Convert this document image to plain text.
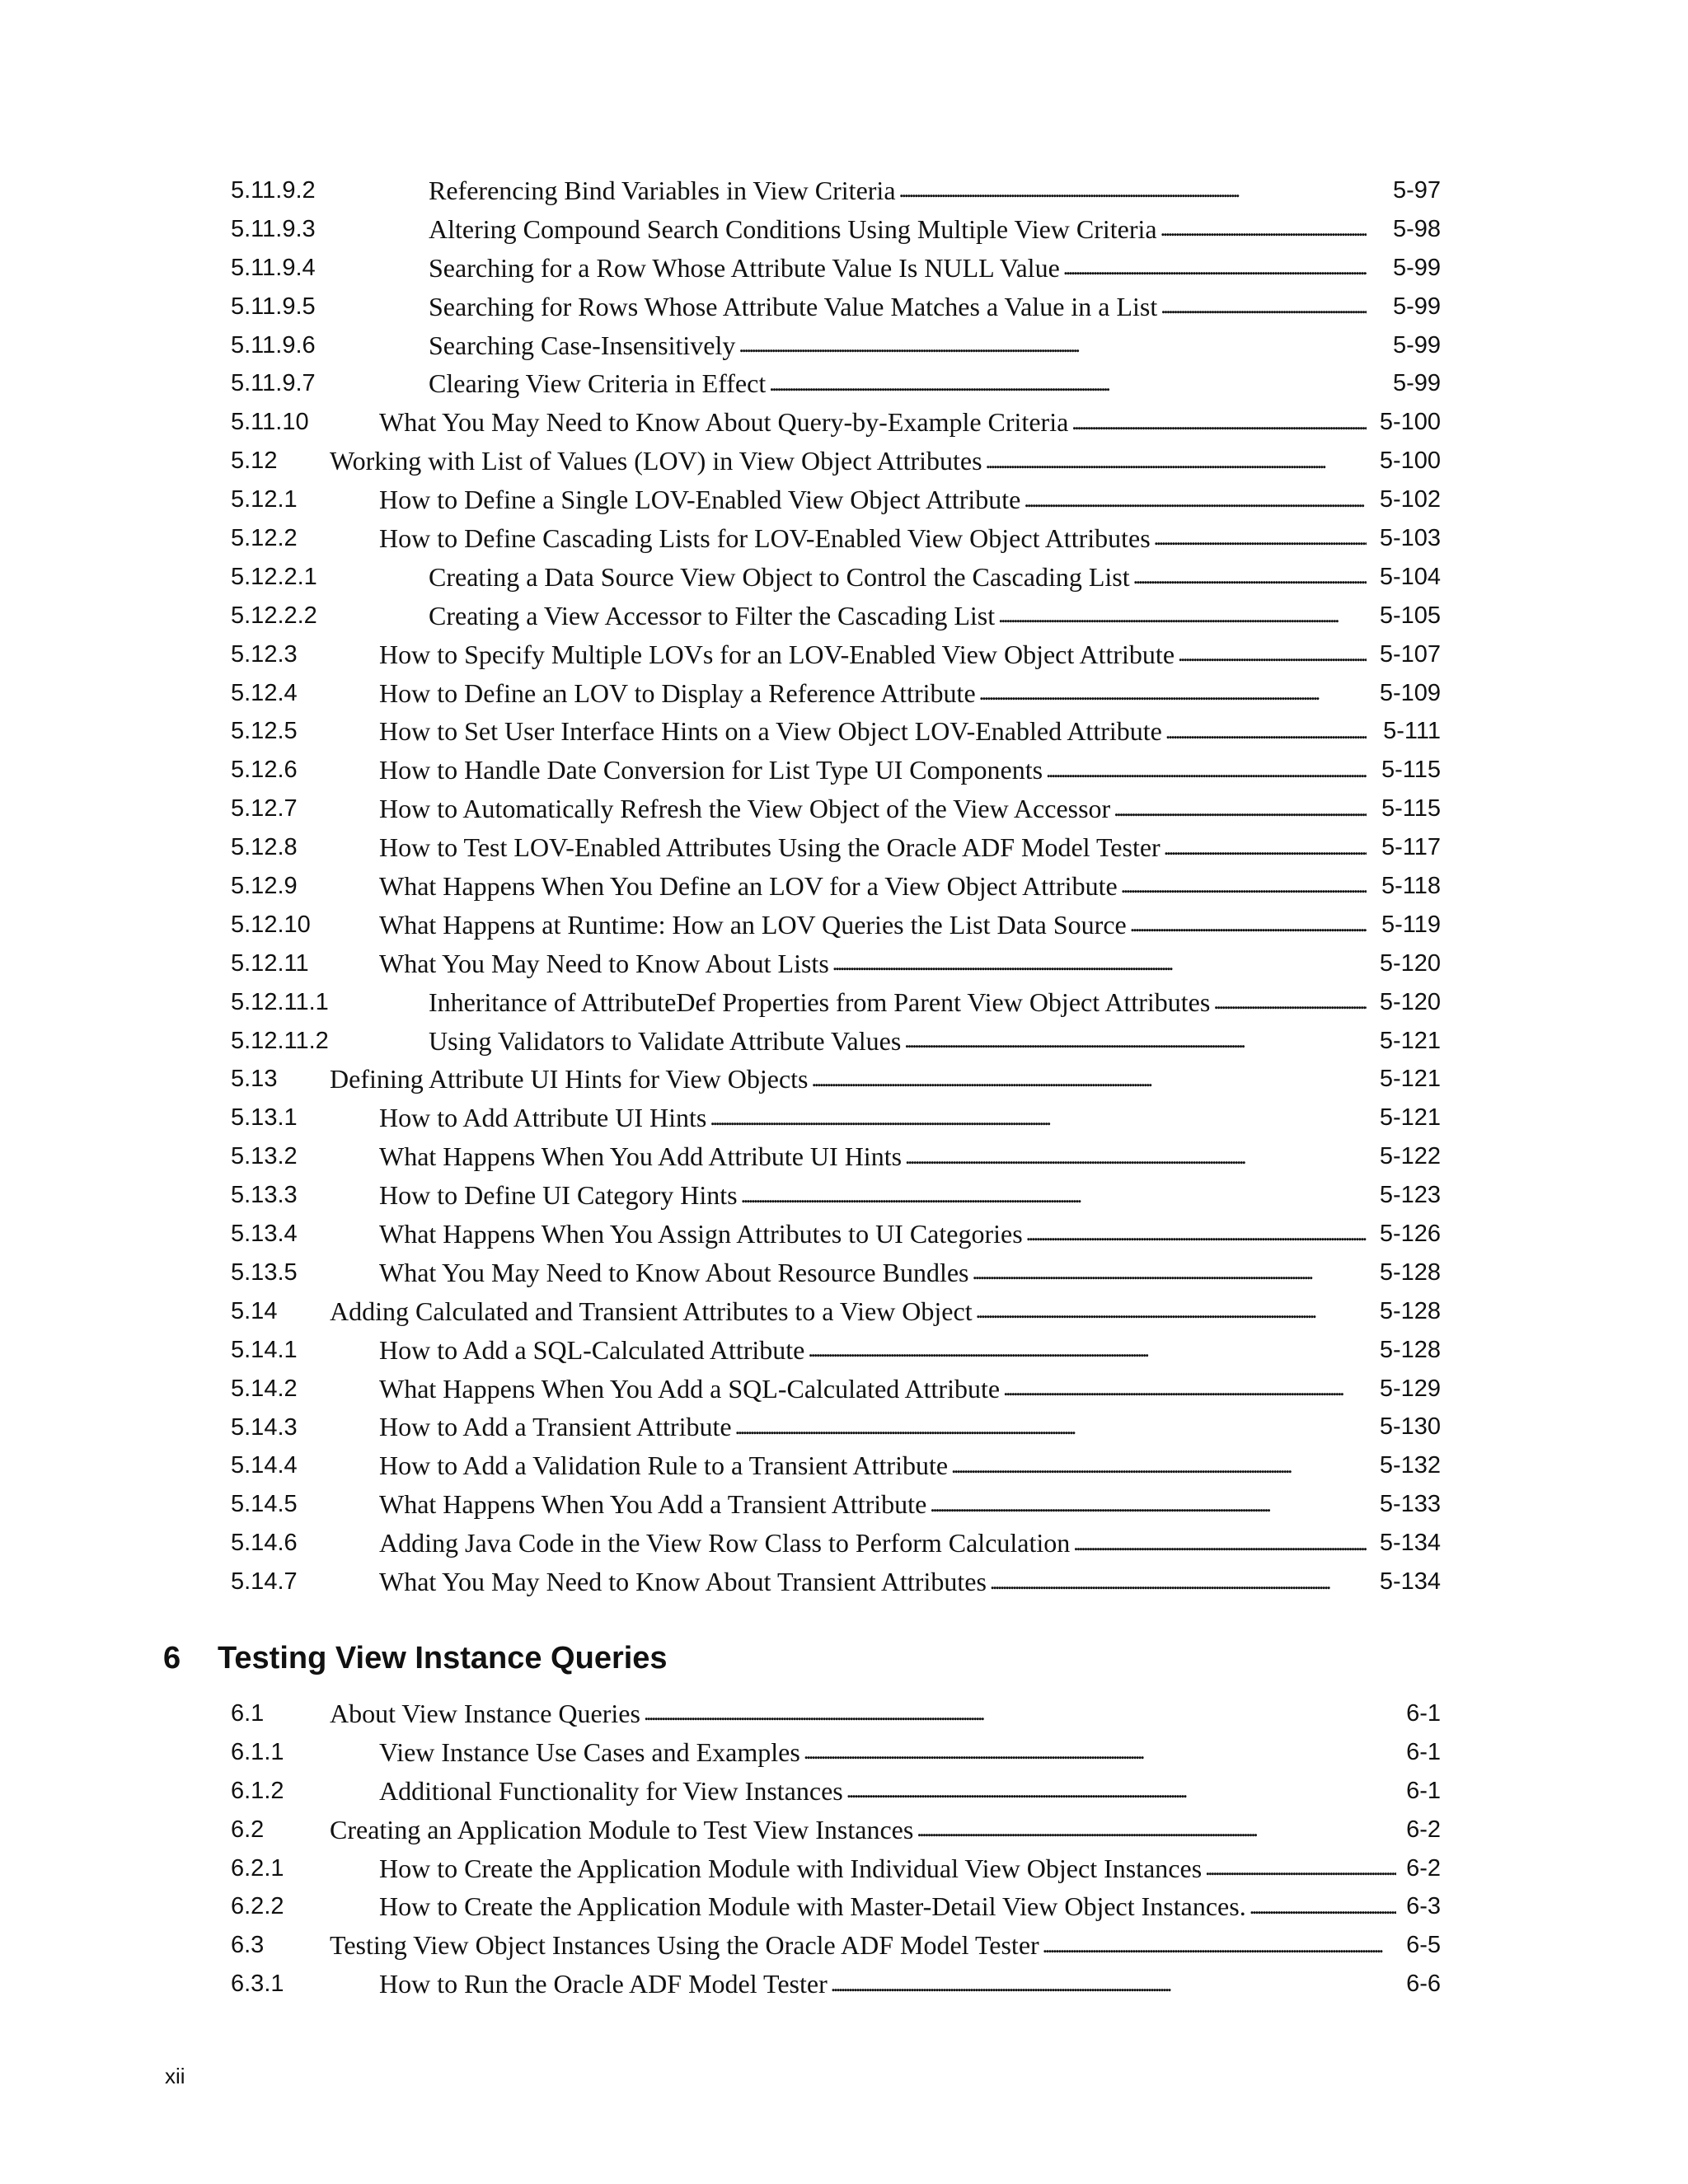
5.11.9.2	Referencing Bind Variables in View Criteria . . .	5-97
5.11.9.3	Altering Compound Search Conditions Using Multiple View Criteria . . .	5-98
5.11.9.4	Searching for a Row Whose Attribute Value Is NULL Value . . .	5-99
5.11.9.5	Searching for Rows Whose Attribute Value Matches a Value in a List . . .	5-99
5.11.9.6	Searching Case-Insensitively . . .	5-99
5.11.9.7	Clearing View Criteria in Effect . . .	5-99
5.11.10	What You May Need to Know About Query-by-Example Criteria . . .	5-100
5.12 Working with List of Values (LOV) in View Object Attributes . . .	5-100
5.12.1	How to Define a Single LOV-Enabled View Object Attribute . . .	5-102
5.12.2	How to Define Cascading Lists for LOV-Enabled View Object Attributes . . .	5-103
5.12.2.1	Creating a Data Source View Object to Control the Cascading List . . .	5-104
5.12.2.2	Creating a View Accessor to Filter the Cascading List . . .	5-105
5.12.3	How to Specify Multiple LOVs for an LOV-Enabled View Object Attribute . . .	5-107
5.12.4	How to Define an LOV to Display a Reference Attribute . . .	5-109
5.12.5	How to Set User Interface Hints on a View Object LOV-Enabled Attribute . . .	5-111
5.12.6	How to Handle Date Conversion for List Type UI Components . . .	5-115
5.12.7	How to Automatically Refresh the View Object of the View Accessor . . .	5-115
5.12.8	How to Test LOV-Enabled Attributes Using the Oracle ADF Model Tester . . .	5-117
5.12.9	What Happens When You Define an LOV for a View Object Attribute . . .	5-118
5.12.10	What Happens at Runtime: How an LOV Queries the List Data Source . . .	5-119
5.12.11	What You May Need to Know About Lists . . .	5-120
5.12.11.1	Inheritance of AttributeDef Properties from Parent View Object Attributes . . .	5-120
5.12.11.2	Using Validators to Validate Attribute Values . . .	5-121
5.13 Defining Attribute UI Hints for View Objects . . .	5-121
5.13.1	How to Add Attribute UI Hints . . .	5-121
5.13.2	What Happens When You Add Attribute UI Hints . . .	5-122
5.13.3	How to Define UI Category Hints . . .	5-123
5.13.4	What Happens When You Assign Attributes to UI Categories . . .	5-126
5.13.5	What You May Need to Know About Resource Bundles . . .	5-128
5.14 Adding Calculated and Transient Attributes to a View Object . . .	5-128
5.14.1	How to Add a SQL-Calculated Attribute . . .	5-128
5.14.2	What Happens When You Add a SQL-Calculated Attribute . . .	5-129
5.14.3	How to Add a Transient Attribute . . .	5-130
5.14.4	How to Add a Validation Rule to a Transient Attribute . . .	5-132
5.14.5	What Happens When You Add a Transient Attribute . . .	5-133
5.14.6	Adding Java Code in the View Row Class to Perform Calculation . . .	5-134
5.14.7	What You May Need to Know About Transient Attributes . . .	5-134
6	Testing View Instance Queries
6.1 About View Instance Queries . . .	6-1
6.1.1	View Instance Use Cases and Examples . . .	6-1
6.1.2	Additional Functionality for View Instances . . .	6-1
6.2 Creating an Application Module to Test View Instances . . .	6-2
6.2.1	How to Create the Application Module with Individual View Object Instances . . .	6-2
6.2.2	How to Create the Application Module with Master-Detail View Object Instances. . . .	6-3
6.3 Testing View Object Instances Using the Oracle ADF Model Tester . . .	6-5
6.3.1	How to Run the Oracle ADF Model Tester . . .	6-6
xii
